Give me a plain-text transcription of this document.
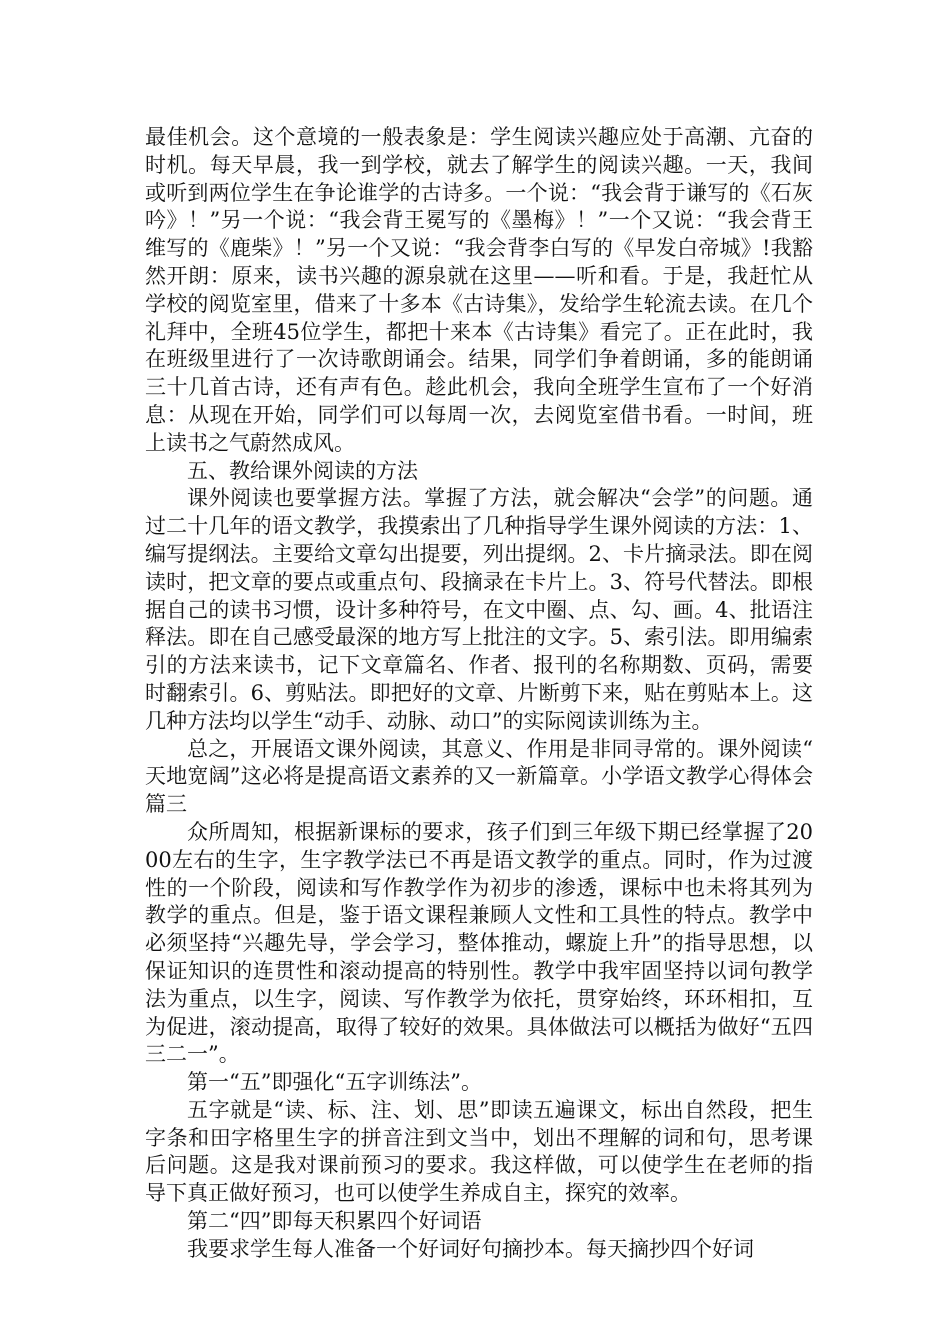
最佳机会。这个意境的一般表象是：学生阅读兴趣应处于高潮、亢奋的时机。每天早晨，我一到学校，就去了解学生的阅读兴趣。一天，我间或听到两位学生在争论谁学的古诗多。一个说：“我会背于谦写的《石灰吟》！”另一个说：“我会背王冕写的《墨梅》！”一个又说：“我会背王维写的《鹿柴》！”另一个又说：“我会背李白写的《早发白帝城》!我豁然开朗：原来，读书兴趣的源泉就在这里——听和看。于是，我赶忙从学校的阅览室里，借来了十多本《古诗集》，发给学生轮流去读。在几个礼拜中，全班45位学生，都把十来本《古诗集》看完了。正在此时，我在班级里进行了一次诗歌朗诵会。结果，同学们争着朗诵，多的能朗诵三十几首古诗，还有声有色。趁此机会，我向全班学生宣布了一个好消息：从现在开始，同学们可以每周一次，去阅览室借书看。一时间，班上读书之气蔚然成风。

五、教给课外阅读的方法

课外阅读也要掌握方法。掌握了方法，就会解决“会学”的问题。通过二十几年的语文教学，我摸索出了几种指导学生课外阅读的方法：1、编写提纲法。主要给文章勾出提要，列出提纲。2、卡片摘录法。即在阅读时，把文章的要点或重点句、段摘录在卡片上。3、符号代替法。即根据自己的读书习惯，设计多种符号，在文中圈、点、勾、画。4、批语注释法。即在自己感受最深的地方写上批注的文字。5、索引法。即用编索引的方法来读书，记下文章篇名、作者、报刊的名称期数、页码，需要时翻索引。6、剪贴法。即把好的文章、片断剪下来，贴在剪贴本上。这几种方法均以学生“动手、动脉、动口”的实际阅读训练为主。

总之，开展语文课外阅读，其意义、作用是非同寻常的。课外阅读“天地宽阔”这必将是提高语文素养的又一新篇章。小学语文教学心得体会篇三

众所周知，根据新课标的要求，孩子们到三年级下期已经掌握了2000左右的生字，生字教学法已不再是语文教学的重点。同时，作为过渡性的一个阶段，阅读和写作教学作为初步的渗透，课标中也未将其列为教学的重点。但是，鉴于语文课程兼顾人文性和工具性的特点。教学中必须坚持“兴趣先导，学会学习，整体推动，螺旋上升”的指导思想，以保证知识的连贯性和滚动提高的特别性。教学中我牢固坚持以词句教学法为重点，以生字，阅读、写作教学为依托，贯穿始终，环环相扣，互为促进，滚动提高，取得了较好的效果。具体做法可以概括为做好“五四三二一”。

第一“五”即强化“五字训练法”。

五字就是“读、标、注、划、思”即读五遍课文，标出自然段，把生字条和田字格里生字的拼音注到文当中，划出不理解的词和句，思考课后问题。这是我对课前预习的要求。我这样做，可以使学生在老师的指导下真正做好预习，也可以使学生养成自主，探究的效率。

第二“四”即每天积累四个好词语

我要求学生每人准备一个好词好句摘抄本。每天摘抄四个好词
